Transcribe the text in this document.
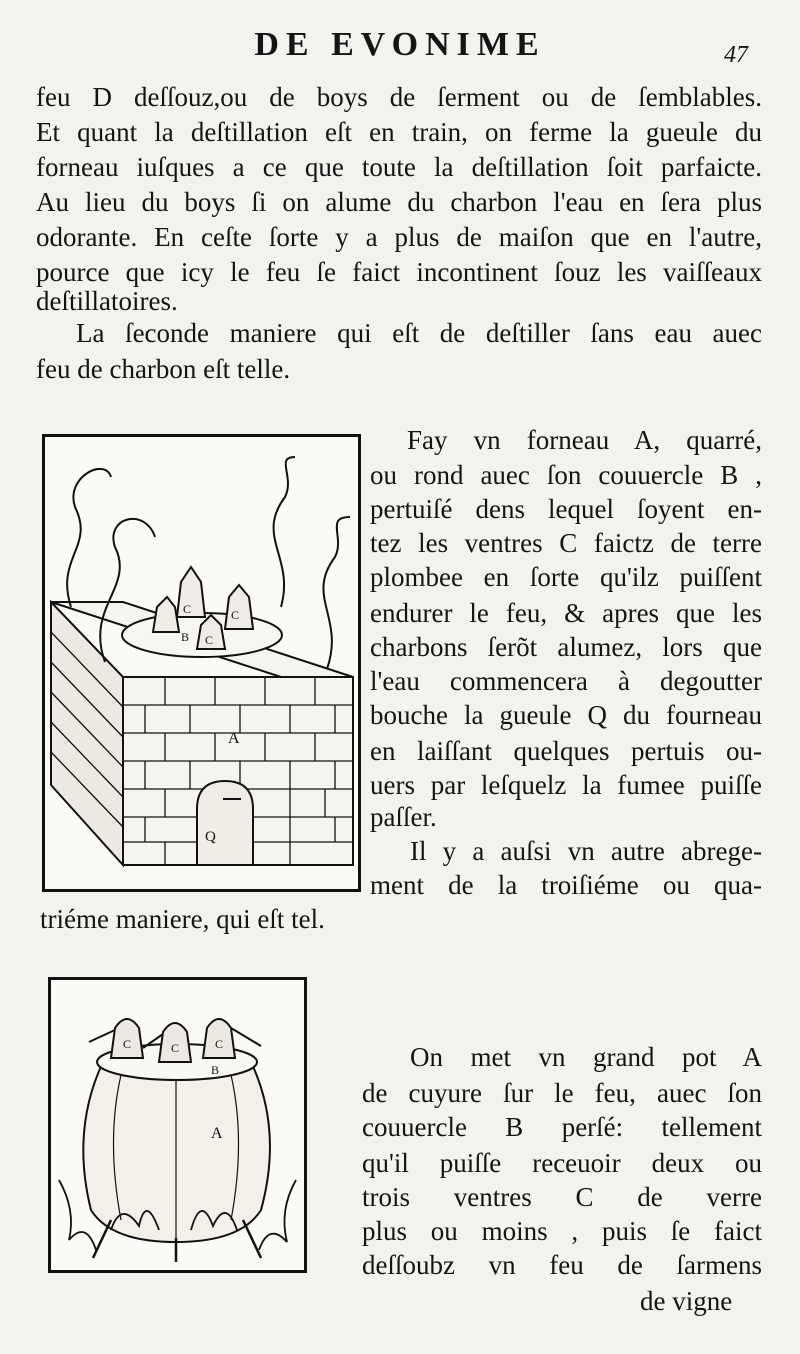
DE EVONIME	47
feu D deſſouz,ou de boys de ſerment ou de ſemblables.
Et quant la deſtillation eſt en train, on ferme la gueule du
forneau iuſques a ce que toute la deſtillation ſoit parfaicte.
Au lieu du boys ſi on alume du charbon l'eau en ſera plus
odorante. En ceſte ſorte y a plus de maiſon que en l'autre,
pource que icy le feu ſe faict incontinent ſouz les vaiſſeaux
deſtillatoires.
La ſeconde maniere qui eſt de deſtiller ſans eau auec
feu de charbon eſt telle.
A
B
C	C
C
Q
Fay vn forneau A, quarré,
ou rond auec ſon couuercle B ,
pertuiſé dens lequel ſoyent en-
tez les ventres C faictz de terre
plombee en ſorte qu'ilz puiſſent
endurer le feu, & apres que les
charbons ſerõt alumez, lors que
l'eau commencera à degoutter
bouche la gueule Q du fourneau
en laiſſant quelques pertuis ou-
uers par leſquelz la fumee puiſſe
paſſer.
Il y a auſsi vn autre abrege-
ment de la troiſiéme ou qua-
triéme maniere, qui eſt tel.
A
B
C	C	C	On met vn grand pot A
de cuyure ſur le feu, auec ſon
couuercle B perſé: tellement
qu'il puiſſe receuoir deux ou
trois ventres C de verre
plus ou moins , puis ſe faict
deſſoubz vn feu de ſarmens
de vigne
